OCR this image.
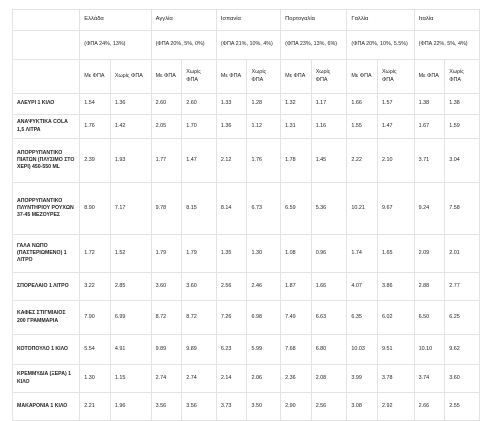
	Ελλάδα		Αγγλία		Ισπανία		Πορτογαλία		Γαλλία		Ιταλία	
	(ΦΠΑ 24%, 13%)		(ΦΠΑ 20%, 5%, 0%)		(ΦΠΑ 21%, 10%, 4%)		(ΦΠΑ 23%, 13%, 6%)		(ΦΠΑ 20%, 10%, 5.5%)		(ΦΠΑ 22%, 5%, 4%)	
	Με ΦΠΑ	Χωρίς ΦΠΑ	Με ΦΠΑ	Χωρίς ΦΠΑ	Με ΦΠΑ	Χωρίς ΦΠΑ	Με ΦΠΑ	Χωρίς ΦΠΑ	Με ΦΠΑ	Χωρίς ΦΠΑ	Με ΦΠΑ	Χωρίς ΦΠΑ
ΑΛΕΥΡΙ 1 ΚΙΛΟ	1.54	1.36	2.60	2.60	1.33	1.28	1.32	1.17	1.66	1.57	1.38	1.38
ΑΝΑΨΥΚΤΙΚΑ COLA 1,5 ΛΙΤΡΑ	1.76	1.42	2.05	1.70	1.36	1.12	1.31	1.16	1.55	1.47	1.67	1.59
ΑΠΟΡΡΥΠΑΝΤΙΚΟ ΠΙΑΤΩΝ (ΠΛΥΣΙΜΟ ΣΤΟ ΧΕΡΙ) 450-550 ML	2.39	1.93	1.77	1.47	2.12	1.76	1.78	1.45	2.22	2.10	3.71	3.04
ΑΠΟΡΡΥΠΑΝΤΙΚΟ ΠΛΥΝΤΗΡΙΟΥ ΡΟΥΧΩΝ 37-45 ΜΕΖΟΥΡΕΣ	8.90	7.17	9.78	8.15	8.14	6.73	6.59	5.36	10.21	9.67	9.24	7.58
ΓΑΛΑ ΝΩΠΟ (ΠΑΣΤΕΡΙΩΜΕΝΟ) 1 ΛΙΤΡΟ	1.72	1.52	1.79	1.79	1.35	1.30	1.08	0.96	1.74	1.65	2.09	2.01
ΣΠΟΡΕΛΑΙΟ 1 ΛΙΤΡΟ	3.22	2.85	3.60	3.60	2.56	2.46	1.87	1.66	4.07	3.86	2.88	2.77
ΚΑΦΕΣ ΣΤΙΓΜΙΑΙΟΣ 200 ΓΡΑΜΜΑΡΙΑ	7.90	6.99	8.72	8.72	7.26	6.98	7.49	6.63	6.35	6.02	6.50	6.25
ΚΟΤΟΠΟΥΛΟ 1 ΚΙΛΟ	5.54	4.91	9.89	9.89	6.23	5.99	7.68	6.80	10.03	9.51	10.10	9.62
ΚΡΕΜΜΥΔΙΑ (ΞΕΡΑ) 1 ΚΙΛΟ	1.30	1.15	2.74	2.74	2.14	2.06	2.36	2.08	3.99	3.78	3.74	3.60
ΜΑΚΑΡΟΝΙΑ 1 ΚΙΛΟ	2.21	1.96	3.56	3.56	3.73	3.50	2.90	2.56	3.08	2.92	2.66	2.55
